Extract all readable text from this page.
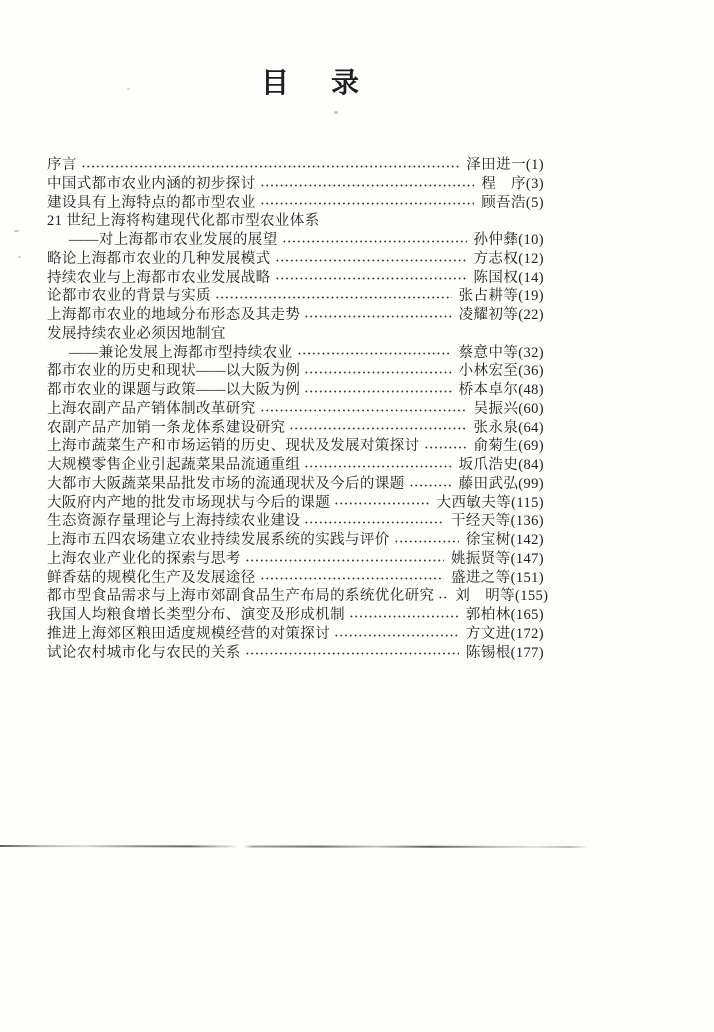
目录
序言	泽田进一(1)
中国式都市农业内涵的初步探讨	程　序(3)
建设具有上海特点的都市型农业	顾吾浩(5)
21 世纪上海将构建现代化都市型农业体系
——对上海都市农业发展的展望	孙仲彝(10)
略论上海都市农业的几种发展模式	方志权(12)
持续农业与上海都市农业发展战略	陈国权(14)
论都市农业的背景与实质	张占耕等(19)
上海都市农业的地域分布形态及其走势	凌耀初等(22)
发展持续农业必须因地制宜
——兼论发展上海都市型持续农业	蔡意中等(32)
都市农业的历史和现状——以大阪为例	小林宏至(36)
都市农业的课题与政策——以大阪为例	桥本卓尔(48)
上海农副产品产销体制改革研究	吴振兴(60)
农副产品产加销一条龙体系建设研究	张永泉(64)
上海市蔬菜生产和市场运销的历史、现状及发展对策探讨	俞菊生(69)
大规模零售企业引起蔬菜果品流通重组	坂爪浩史(84)
大都市大阪蔬菜果品批发市场的流通现状及今后的课题	藤田武弘(99)
大阪府内产地的批发市场现状与今后的课题	大西敏夫等(115)
生态资源存量理论与上海持续农业建设	干经天等(136)
上海市五四农场建立农业持续发展系统的实践与评价	徐宝树(142)
上海农业产业化的探索与思考	姚振贤等(147)
鲜香菇的规模化生产及发展途径	盛进之等(151)
都市型食品需求与上海市郊副食品生产布局的系统优化研究 刘　明等(155)
我国人均粮食增长类型分布、演变及形成机制	郭柏林(165)
推进上海郊区粮田适度规模经营的对策探讨	方文进(172)
试论农村城市化与农民的关系	陈锡根(177)
